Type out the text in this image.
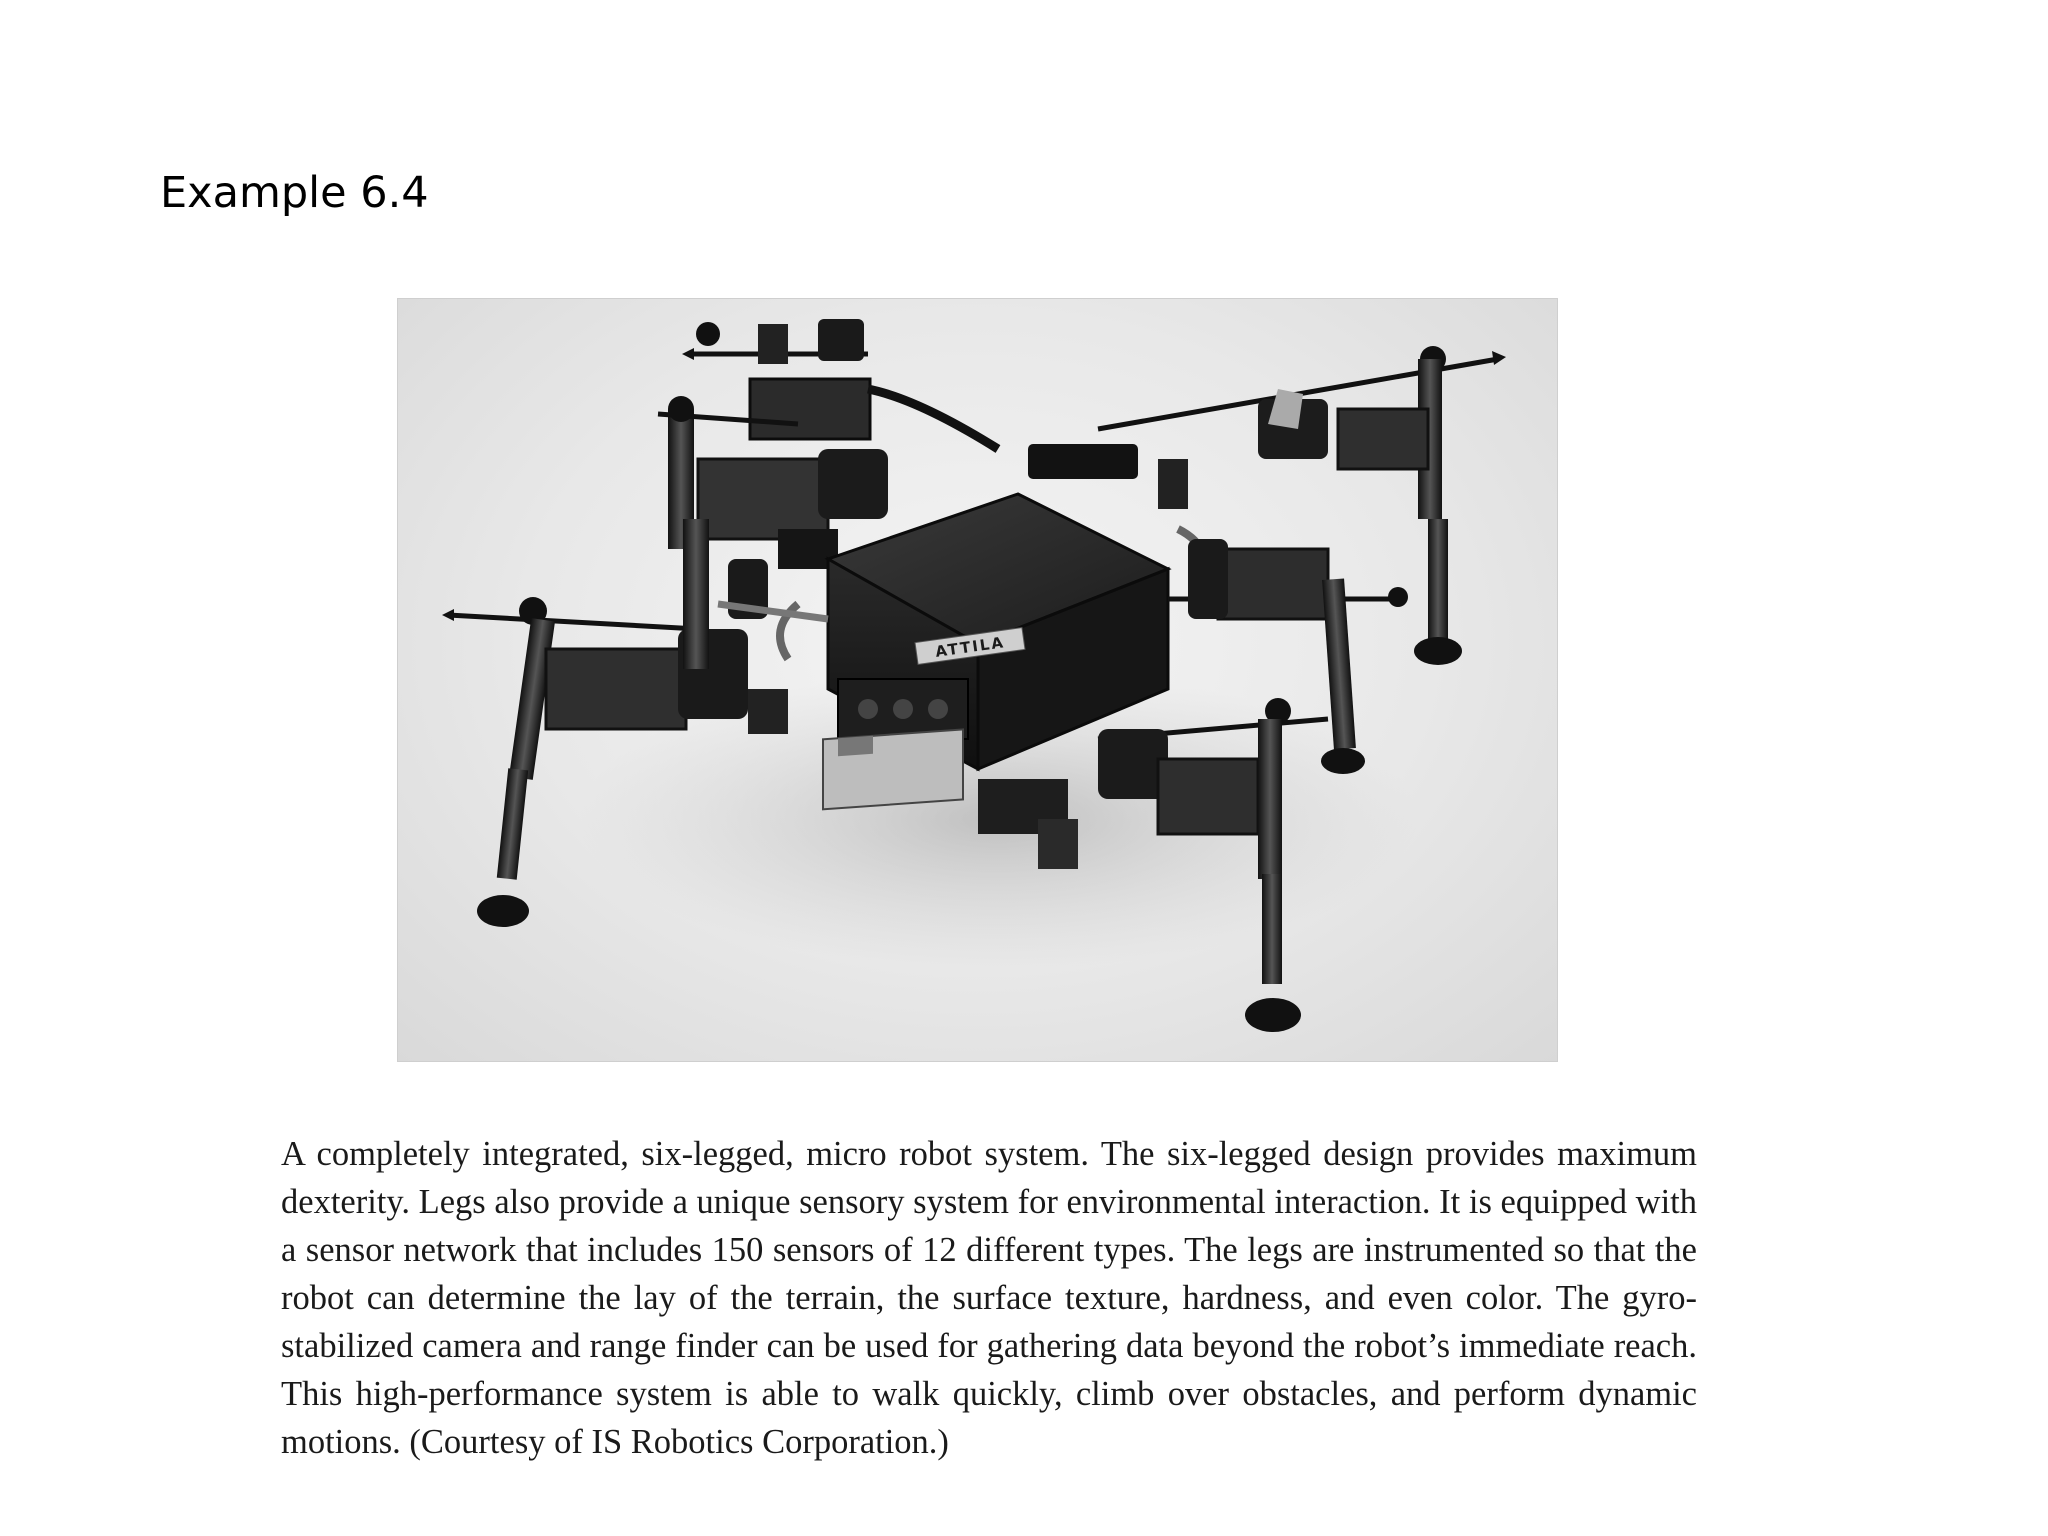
Example 6.4
ATTILA

A completely integrated, six-legged, micro robot system. The six-legged design provides maximum dexterity. Legs also provide a unique sensory system for environmental interaction. It is equipped with a sensor network that includes 150 sensors of 12 different types. The legs are instrumented so that the robot can determine the lay of the terrain, the surface texture, hardness, and even color. The gyro-stabilized camera and range finder can be used for gathering data beyond the robot’s immediate reach. This high-performance system is able to walk quickly, climb over obstacles, and perform dynamic motions. (Courtesy of IS Robotics Corporation.)
